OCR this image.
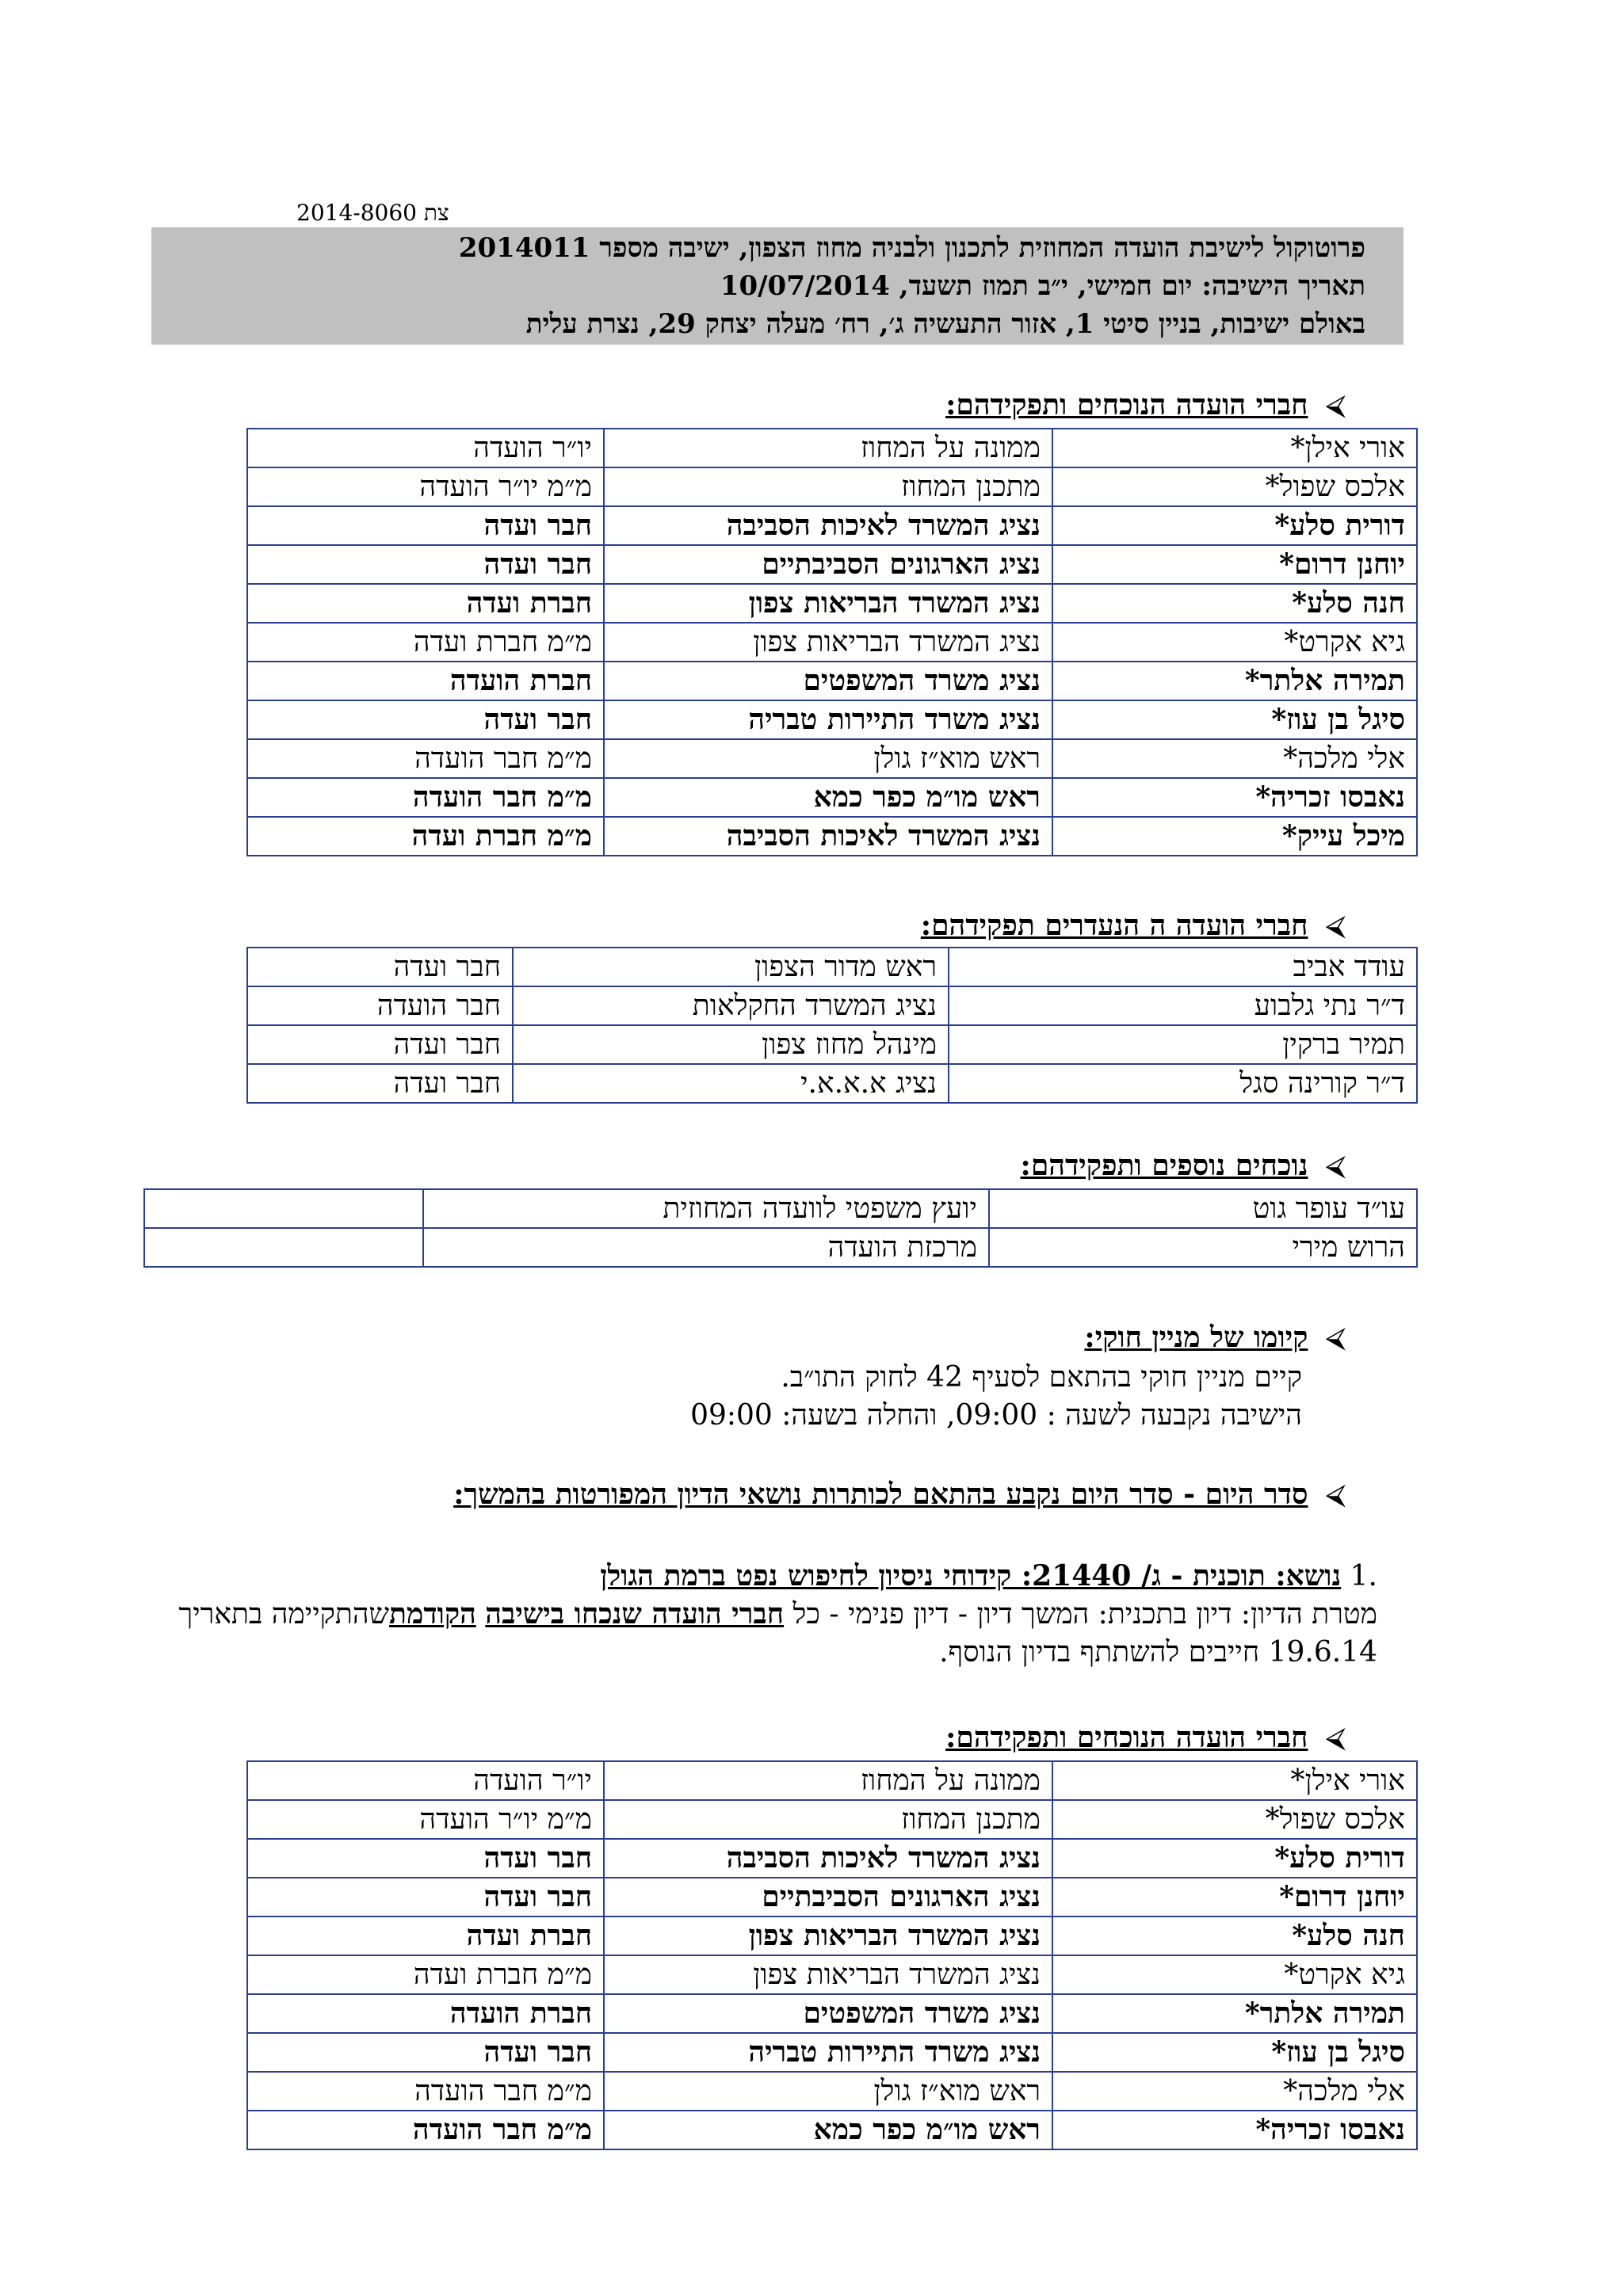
צת 2014-8060
פרוטוקול לישיבת הועדה המחוזית לתכנון ולבניה מחוז הצפון, ישיבה מספר 2014011
תאריך הישיבה: יום חמישי, י״ב תמוז תשעד, 10/07/2014
באולם ישיבות, בניין סיטי 1, אזור התעשיה ג׳, רח׳ מעלה יצחק 29, נצרת עלית
⮘חברי הועדה הנוכחים ותפקידהם:
אורי אילן*	ממונה על המחוז	יו״ר הועדה
אלכס שפול*	מתכנן המחוז	מ״מ יו״ר הועדה
דורית סלע*	נציג המשרד לאיכות הסביבה	חבר ועדה
יוחנן דרום*	נציג הארגונים הסביבתיים	חבר ועדה
חנה סלע*	נציג המשרד הבריאות צפון	חברת ועדה
גיא אקרט*	נציג המשרד הבריאות צפון	מ״מ חברת ועדה
תמירה אלתר*	נציג משרד המשפטים	חברת הועדה
סיגל בן עוז*	נציג משרד התיירות טבריה	חבר ועדה
אלי מלכה*	ראש מוא״ז גולן	מ״מ חבר הועדה
נאבסו זכריה*	ראש מו״מ כפר כמא	מ״מ חבר הועדה
מיכל עייק*	נציג המשרד לאיכות הסביבה	מ״מ חברת ועדה
⮘חברי הועדה ה הנעדרים תפקידהם:
עודד אביב	ראש מדור הצפון	חבר ועדה
ד״ר נתי גלבוע	נציג המשרד החקלאות	חבר הועדה
תמיר ברקין	מינהל מחוז צפון	חבר ועדה
ד״ר קורינה סגל	נציג א.א.א.י	חבר ועדה
⮘נוכחים נוספים ותפקידהם:
עו״ד עופר גוט	יועץ משפטי לוועדה המחוזית	
הרוש מירי	מרכזת הועדה	
⮘קיומו של מניין חוקי:
קיים מניין חוקי בהתאם לסעיף 42 לחוק התו״ב.
הישיבה נקבעה לשעה : 09:00, והחלה בשעה: 09:00
⮘סדר היום - סדר היום נקבע בהתאם לכותרות נושאי הדיון המפורטות בהמשך:
.1 נושא: תוכנית - ג/ 21440: קידוחי ניסיון לחיפוש נפט ברמת הגולן
מטרת הדיון: דיון בתכנית: המשך דיון - דיון פנימי - כל חברי הועדה שנכחו בישיבה הקודמתשהתקיימה בתאריך 19.6.14 חייבים להשתתף בדיון הנוסף.
⮘חברי הועדה הנוכחים ותפקידהם:
אורי אילן*	ממונה על המחוז	יו״ר הועדה
אלכס שפול*	מתכנן המחוז	מ״מ יו״ר הועדה
דורית סלע*	נציג המשרד לאיכות הסביבה	חבר ועדה
יוחנן דרום*	נציג הארגונים הסביבתיים	חבר ועדה
חנה סלע*	נציג המשרד הבריאות צפון	חברת ועדה
גיא אקרט*	נציג המשרד הבריאות צפון	מ״מ חברת ועדה
תמירה אלתר*	נציג משרד המשפטים	חברת הועדה
סיגל בן עוז*	נציג משרד התיירות טבריה	חבר ועדה
אלי מלכה*	ראש מוא״ז גולן	מ״מ חבר הועדה
נאבסו זכריה*	ראש מו״מ כפר כמא	מ״מ חבר הועדה
